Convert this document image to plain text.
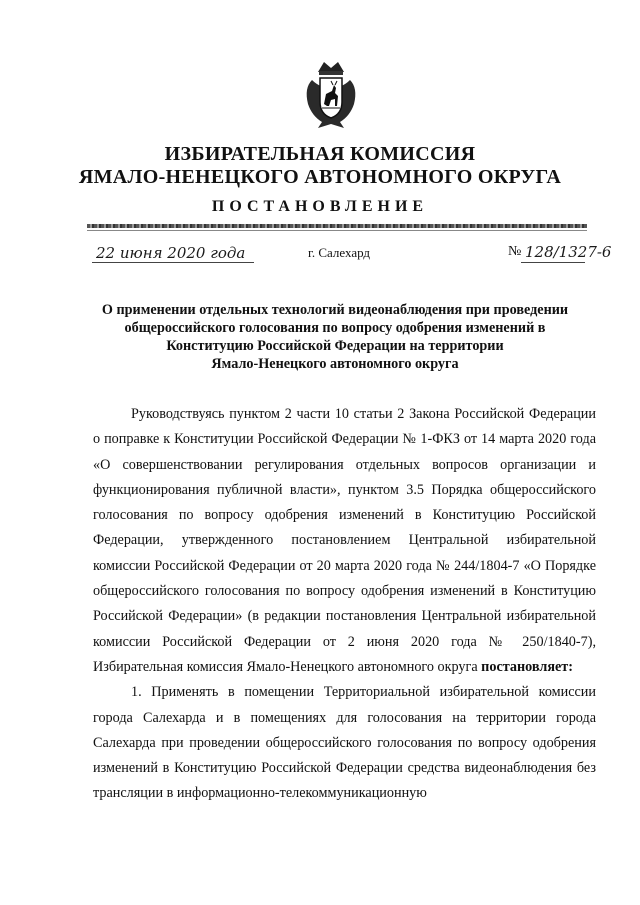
ИЗБИРАТЕЛЬНАЯ КОМИССИЯ
ЯМАЛО-НЕНЕЦКОГО АВТОНОМНОГО ОКРУГА
ПОСТАНОВЛЕНИЕ
22 июня 2020 года	г. Салехард	№ 128/1327-6
О применении отдельных технологий видеонаблюдения при проведении
общероссийского голосования по вопросу одобрения изменений в
Конституцию Российской Федерации на территории
Ямало-Ненецкого автономного округа

Руководствуясь пунктом 2 части 10 статьи 2 Закона Российской Федерации о поправке к Конституции Российской Федерации № 1-ФКЗ от 14 марта 2020 года «О совершенствовании регулирования отдельных вопросов организации и функционирования публичной власти», пунктом 3.5 Порядка общероссийского голосования по вопросу одобрения изменений в Конституцию Российской Федерации, утвержденного постановлением Центральной избирательной комиссии Российской Федерации от 20 марта 2020 года № 244/1804-7 «О Порядке общероссийского голосования по вопросу одобрения изменений в Конституцию Российской Федерации» (в редакции постановления Центральной избирательной комиссии Российской Федерации от 2 июня 2020 года № 250/1840-7), Избирательная комиссия Ямало-Ненецкого автономного округа постановляет:

1. Применять в помещении Территориальной избирательной комиссии города Салехарда и в помещениях для голосования на территории города Салехарда при проведении общероссийского голосования по вопросу одобрения изменений в Конституцию Российской Федерации средства видеонаблюдения без трансляции в информационно-телекоммуникационную
